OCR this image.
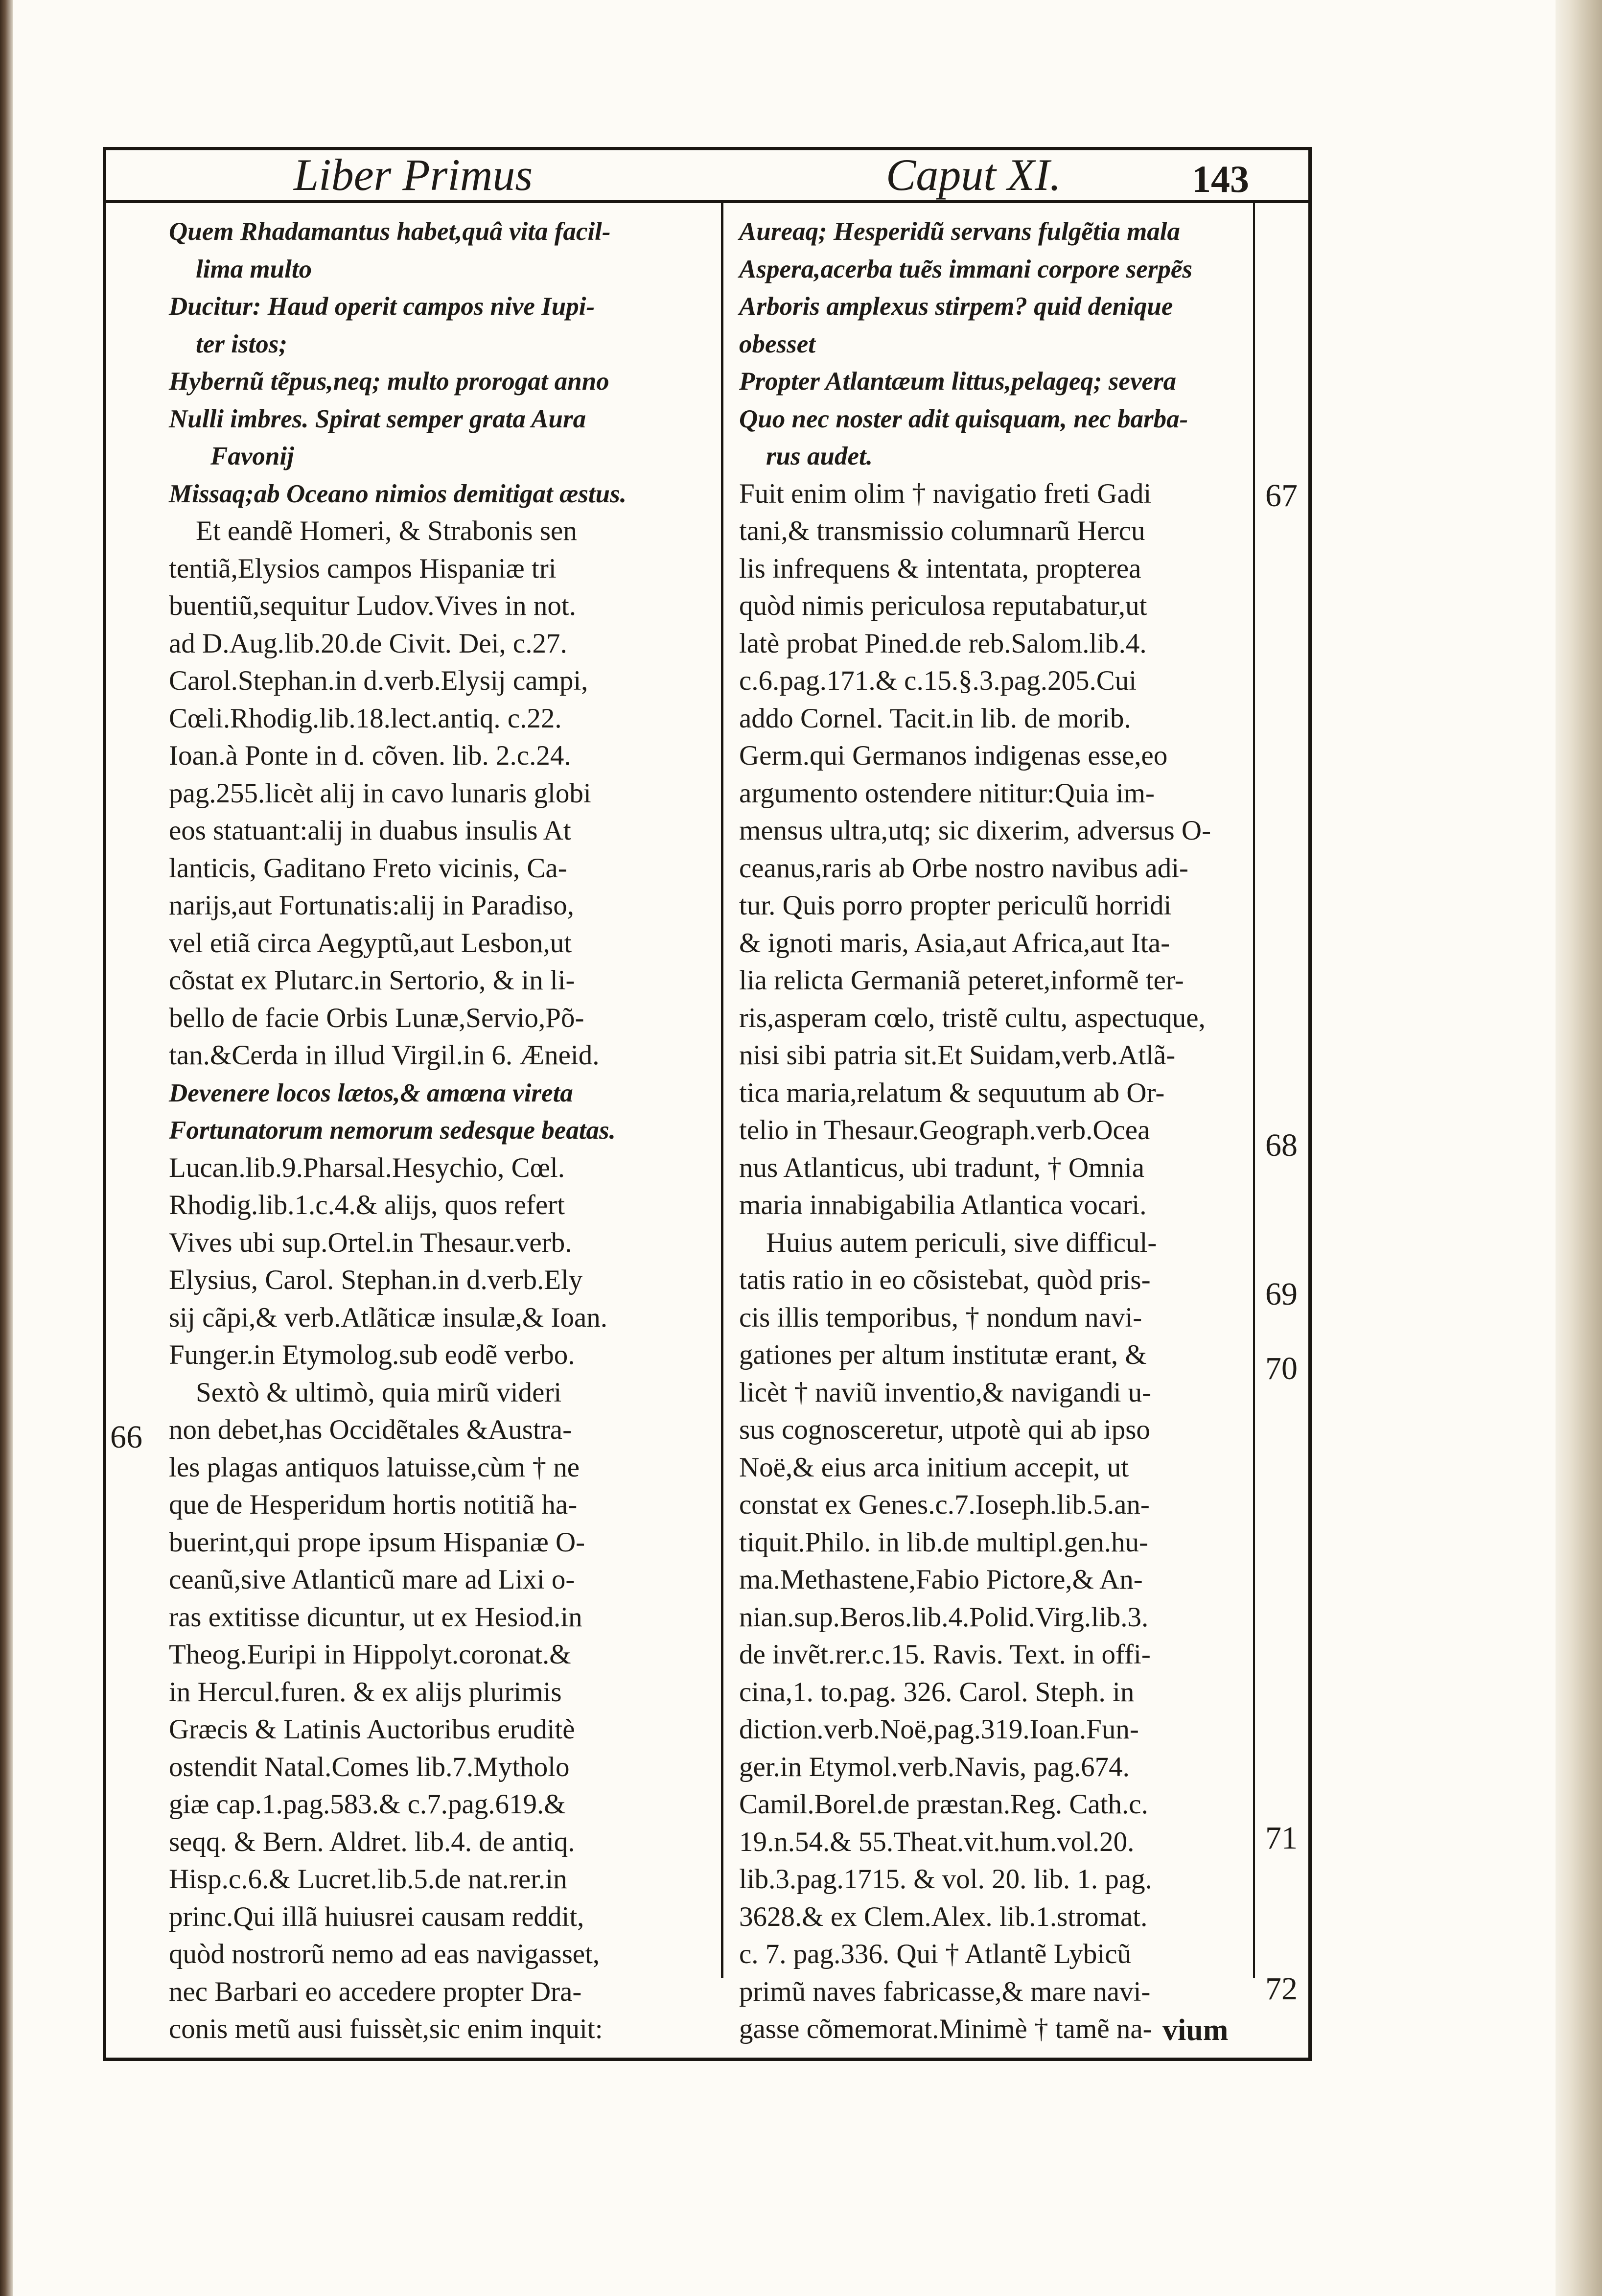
Liber Primus	Caput XI.	143
Quem Rhadamantus habet,quâ vita facil-
lima multo
Ducitur: Haud operit campos nive Iupi-
ter istos;
Hybernũ tẽpus,neq; multo prorogat anno
Nulli imbres. Spirat semper grata Aura
Favonij
Missaq;ab Oceano nimios demitigat æstus.
Et eandẽ Homeri, & Strabonis sen
tentiã,Elysios campos Hispaniæ tri
buentiũ,sequitur Ludov.Vives in not.
ad D.Aug.lib.20.de Civit. Dei, c.27.
Carol.Stephan.in d.verb.Elysij campi,
Cœli.Rhodig.lib.18.lect.antiq. c.22.
Ioan.à Ponte in d. cõven. lib. 2.c.24.
pag.255.licèt alij in cavo lunaris globi
eos statuant:alij in duabus insulis At
lanticis, Gaditano Freto vicinis, Ca-
narijs,aut Fortunatis:alij in Paradiso,
vel etiã circa Aegyptũ,aut Lesbon,ut
cõstat ex Plutarc.in Sertorio, & in li-
bello de facie Orbis Lunæ,Servio,Põ-
tan.&Cerda in illud Virgil.in 6. Æneid.
Devenere locos lætos,& amœna vireta
Fortunatorum nemorum sedesque beatas.
Lucan.lib.9.Pharsal.Hesychio, Cœl.
Rhodig.lib.1.c.4.& alijs, quos refert
Vives ubi sup.Ortel.in Thesaur.verb.
Elysius, Carol. Stephan.in d.verb.Ely
sij cãpi,& verb.Atlãticæ insulæ,& Ioan.
Funger.in Etymolog.sub eodẽ verbo.
Sextò & ultimò, quia mirũ videri
non debet,has Occidẽtales &Austra-
les plagas antiquos latuisse,cùm † ne
que de Hesperidum hortis notitiã ha-
buerint,qui prope ipsum Hispaniæ O-
ceanũ,sive Atlanticũ mare ad Lixi o-
ras extitisse dicuntur, ut ex Hesiod.in
Theog.Euripi in Hippolyt.coronat.&
in Hercul.furen. & ex alijs plurimis
Græcis & Latinis Auctoribus eruditè
ostendit Natal.Comes lib.7.Mytholo
giæ cap.1.pag.583.& c.7.pag.619.&
seqq. & Bern. Aldret. lib.4. de antiq.
Hisp.c.6.& Lucret.lib.5.de nat.rer.in
princ.Qui illã huiusrei causam reddit,
quòd nostrorũ nemo ad eas navigasset,
nec Barbari eo accedere propter Dra-
conis metũ ausi fuissèt,sic enim inquit:
Aureaq; Hesperidũ servans fulgẽtia mala
Aspera,acerba tuẽs immani corpore serpẽs
Arboris amplexus stirpem? quid denique
obesset
Propter Atlantæum littus,pelageq; severa
Quo nec noster adit quisquam, nec barba-
rus audet.
Fuit enim olim † navigatio freti Gadi
tani,& transmissio columnarũ Hercu
lis infrequens & intentata, propterea
quòd nimis periculosa reputabatur,ut
latè probat Pined.de reb.Salom.lib.4.
c.6.pag.171.& c.15.§.3.pag.205.Cui
addo Cornel. Tacit.in lib. de morib.
Germ.qui Germanos indigenas esse,eo
argumento ostendere nititur:Quia im-
mensus ultra,utq; sic dixerim, adversus O-
ceanus,raris ab Orbe nostro navibus adi-
tur. Quis porro propter periculũ horridi
& ignoti maris, Asia,aut Africa,aut Ita-
lia relicta Germaniã peteret,informẽ ter-
ris,asperam cœlo, tristẽ cultu, aspectuque,
nisi sibi patria sit.Et Suidam,verb.Atlã-
tica maria,relatum & sequutum ab Or-
telio in Thesaur.Geograph.verb.Ocea
nus Atlanticus, ubi tradunt, † Omnia
maria innabigabilia Atlantica vocari.
Huius autem periculi, sive difficul-
tatis ratio in eo cõsistebat, quòd pris-
cis illis temporibus, † nondum navi-
gationes per altum institutæ erant, &
licèt † naviũ inventio,& navigandi u-
sus cognosceretur, utpotè qui ab ipso
Noë,& eius arca initium accepit, ut
constat ex Genes.c.7.Ioseph.lib.5.an-
tiquit.Philo. in lib.de multipl.gen.hu-
ma.Methastene,Fabio Pictore,& An-
nian.sup.Beros.lib.4.Polid.Virg.lib.3.
de invẽt.rer.c.15. Ravis. Text. in offi-
cina,1. to.pag. 326. Carol. Steph. in
diction.verb.Noë,pag.319.Ioan.Fun-
ger.in Etymol.verb.Navis, pag.674.
Camil.Borel.de præstan.Reg. Cath.c.
19.n.54.& 55.Theat.vit.hum.vol.20.
lib.3.pag.1715. & vol. 20. lib. 1. pag.
3628.& ex Clem.Alex. lib.1.stromat.
c. 7. pag.336. Qui † Atlantẽ Lybicũ
primũ naves fabricasse,& mare navi-
gasse cõmemorat.Minimè † tamẽ na-
66
67
68
69
70
71
72
vium
